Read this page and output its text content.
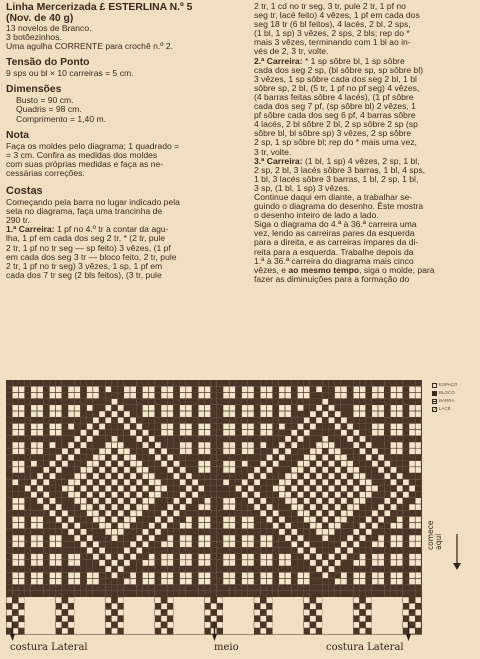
Linha Mercerizada £ ESTERLINA N.º 5
(Nov. de 40 g)
13 novelos de Branco.
3 botõezinhos.
Uma agulha CORRENTE para crochê n.º 2.
Tensão do Ponto
9 sps ou bl × 10 carreiras = 5 cm.
Dimensões
Busto = 90 cm.
Quadris = 98 cm.
Comprimento = 1,40 m.
Nota
Faça os moldes pelo diagrama; 1 quadrado =
= 3 cm. Confira as medidas dos moldes
com suas próprias medidas e faça as ne-
cessárias correções.
Costas
Começando pela barra no lugar indicado pela
seta no diagrama, faça uma trancinha de
290 tr.
1.ª Carreira: 1 pf no 4.º tr a contar da agu-
lha, 1 pf em cada dos seg 2 tr, * (2 tr, pule
2 tr, 1 pf no tr seg — sp feito) 3 vêzes, (1 pf
em cada dos seg 3 tr — bloco feito, 2 tr, pule
2 tr, 1 pf no tr seg) 3 vêzes, 1 sp, 1 pf em
cada dos 7 tr seg (2 bls feitos), (3 tr, pule
2 tr, 1 cd no tr seg, 3 tr, pule 2 tr, 1 pf no
seg tr, lacé feito) 4 vêzes, 1 pf em cada dos
seg 18 tr (6 bl feitos), 4 lacés, 2 bl, 2 sps,
(1 bl, 1 sp) 3 vêzes, 2 sps, 2 bls; rep do *
mais 3 vêzes, terminando com 1 bl ao in-
vés de 2, 3 tr, volte.
2.ª Carreira: * 1 sp sôbre bl, 1 sp sôbre
cada dos seg 2 sp, (bl sôbre sp, sp sôbre bl)
3 vêzes, 1 sp sôbre cada dos seg 2 bl, 1 bl
sôbre sp, 2 bl, (5 tr, 1 pf no pf seg) 4 vêzes,
(4 barras feitas sôbre 4 lacés), (1 pf sôbre
cada dos seg 7 pf, (sp sôbre bl) 2 vêzes, 1
pf sôbre cada dos seg 6 pf, 4 barras sôbre
4 lacés, 2 bl sôbre 2 bl, 2 sp sôbre 2 sp (sp
sôbre bl, bl sôbre sp) 3 vêzes, 2 sp sôbre
2 sp, 1 sp sôbre bl; rep do * mais uma vez,
3 tr, volte.
3.ª Carreira: (1 bl, 1 sp) 4 vêzes, 2 sp, 1 bl,
2 sp, 2 bl, 3 lacés sôbre 3 barras, 1 bl, 4 sps,
1 bl, 3 lacés sôbre 3 barras, 1 bl, 2 sp, 1 bl,
3 sp, (1 bl, 1 sp) 3 vêzes.
Continue daqui em diante, a trabalhar se-
guindo o diagrama do desenho. Êste mostra
o desenho inteiro de lado a lado.
Siga o diagrama do 4.ª à 36.ª carreira uma
vez, lendo as carreiras pares da esquerda
para a direita, e as carreiras ímpares da di-
reita para a esquerda. Trabalhe depois da
1.ª à 36.ª carreira do diagrama mais cinco
vêzes, e ao mesmo tempo, siga o molde, para
fazer as diminuições para a formação do
ESPAÇO
BLOCO
BARRA
LACÉ
comece aqui
costura Lateral	meio	costura Lateral
